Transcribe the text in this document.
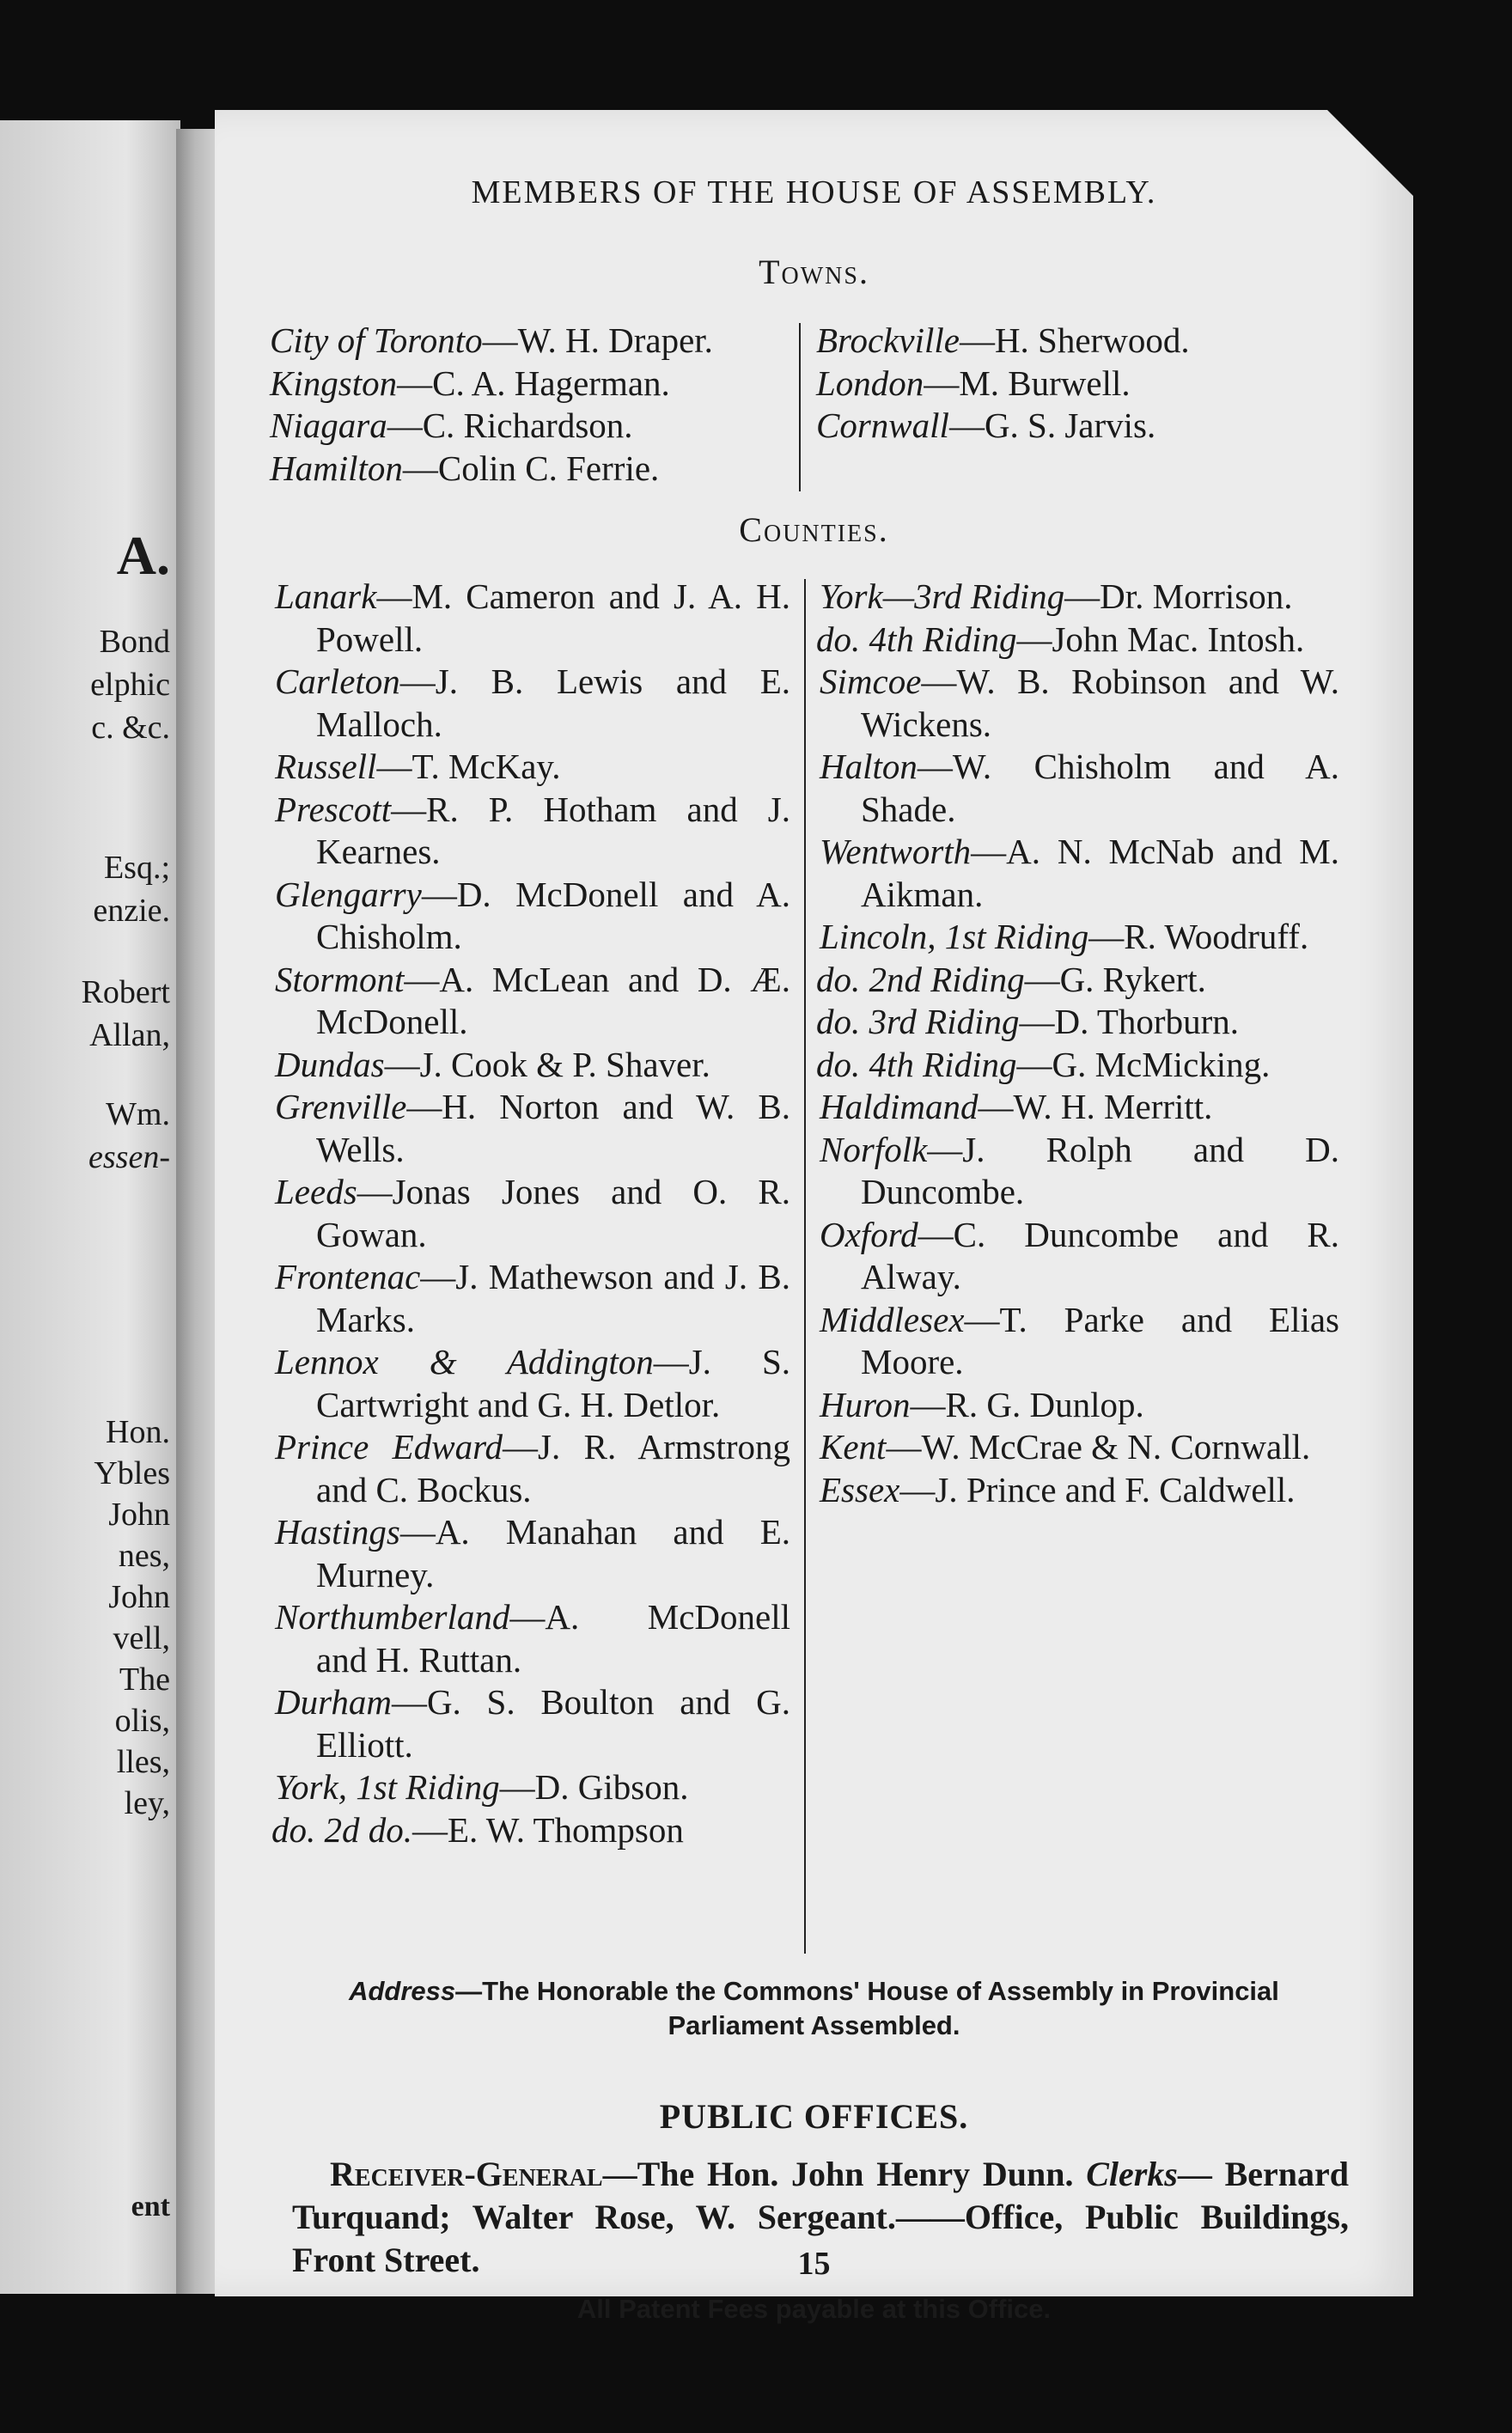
A.
Bond
elphic
c. &c.
Esq.;
enzie.
Robert
Allan,
Wm.
essen-
Hon.
Ybles
John
nes,
John
vell,
The
olis,
lles,
ley,
ent
MEMBERS OF THE HOUSE OF ASSEMBLY.
Towns.
City of Toronto—W. H. Draper.
Kingston—C. A. Hagerman.
Niagara—C. Richardson.
Hamilton—Colin C. Ferrie.
Brockville—H. Sherwood.
London—M. Burwell.
Cornwall—G. S. Jarvis.
Counties.
Lanark—M. Cameron and J. A. H. Powell.
Carleton—J. B. Lewis and E. Malloch.
Russell—T. McKay.
Prescott—R. P. Hotham and J. Kearnes.
Glengarry—D. McDonell and A. Chisholm.
Stormont—A. McLean and D. Æ. McDonell.
Dundas—J. Cook & P. Shaver.
Grenville—H. Norton and W. B. Wells.
Leeds—Jonas Jones and O. R. Gowan.
Frontenac—J. Mathewson and J. B. Marks.
Lennox & Addington—J. S. Cartwright and G. H. Detlor.
Prince Edward—J. R. Armstrong and C. Bockus.
Hastings—A. Manahan and E. Murney.
Northumberland—A. McDonell and H. Ruttan.
Durham—G. S. Boulton and G. Elliott.
York, 1st Riding—D. Gibson.
do. 2d do.—E. W. Thompson
York—3rd Riding—Dr. Morrison.
do. 4th Riding—John Mac. Intosh.
Simcoe—W. B. Robinson and W. Wickens.
Halton—W. Chisholm and A. Shade.
Wentworth—A. N. McNab and M. Aikman.
Lincoln, 1st Riding—R. Woodruff.
do. 2nd Riding—G. Rykert.
do. 3rd Riding—D. Thorburn.
do. 4th Riding—G. McMicking.
Haldimand—W. H. Merritt.
Norfolk—J. Rolph and D. Duncombe.
Oxford—C. Duncombe and R. Alway.
Middlesex—T. Parke and Elias Moore.
Huron—R. G. Dunlop.
Kent—W. McCrae & N. Cornwall.
Essex—J. Prince and F. Caldwell.
Address—The Honorable the Commons' House of Assembly in Provincial
Parliament Assembled.
PUBLIC OFFICES.
Receiver-General—The Hon. John Henry Dunn. Clerks— Bernard Turquand; Walter Rose, W. Sergeant.——Office, Public Buildings, Front Street.
All Patent Fees payable at this Office.
15
